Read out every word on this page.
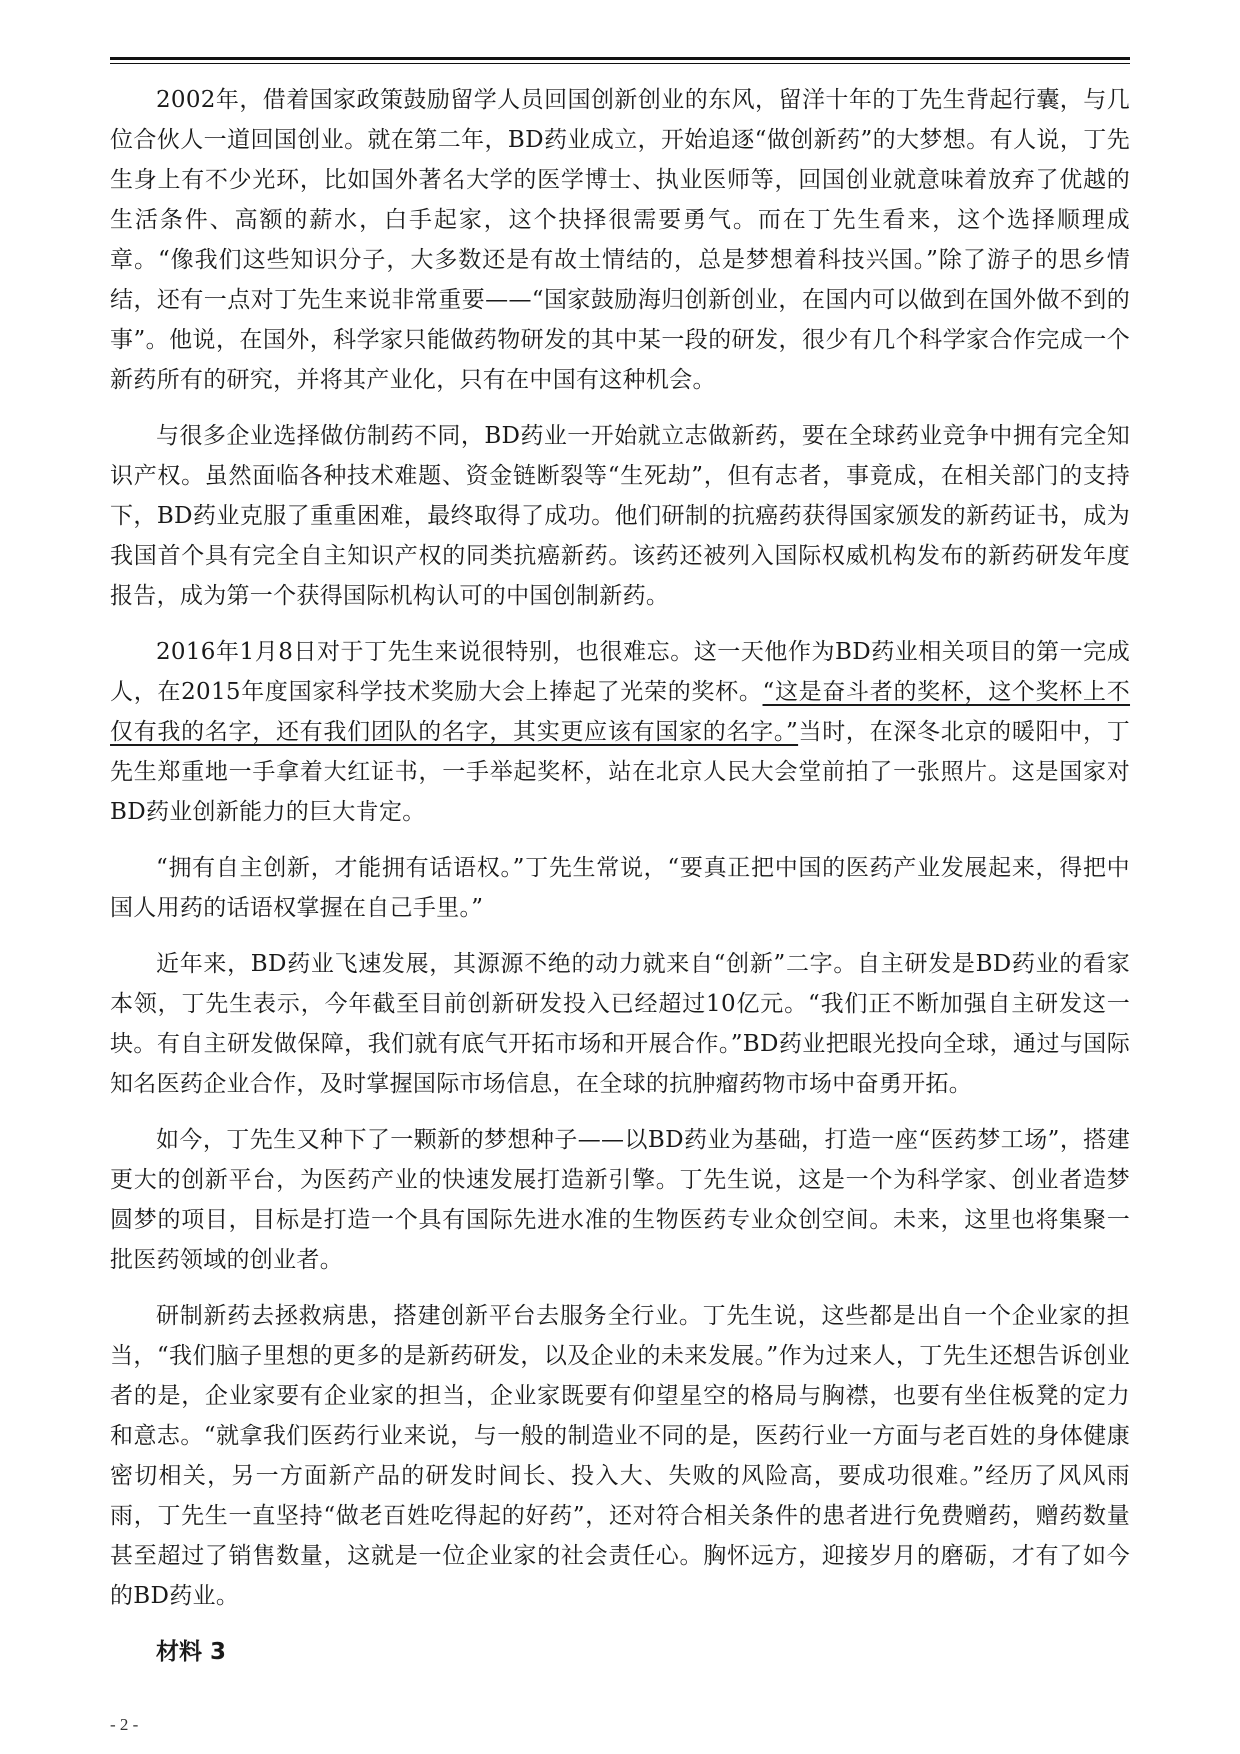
2002年，借着国家政策鼓励留学人员回国创新创业的东风，留洋十年的丁先生背起行囊，与几位合伙人一道回国创业。就在第二年，BD药业成立，开始追逐“做创新药”的大梦想。有人说，丁先生身上有不少光环，比如国外著名大学的医学博士、执业医师等，回国创业就意味着放弃了优越的生活条件、高额的薪水，白手起家，这个抉择很需要勇气。而在丁先生看来，这个选择顺理成章。“像我们这些知识分子，大多数还是有故土情结的，总是梦想着科技兴国。”除了游子的思乡情结，还有一点对丁先生来说非常重要——“国家鼓励海归创新创业，在国内可以做到在国外做不到的事”。他说，在国外，科学家只能做药物研发的其中某一段的研发，很少有几个科学家合作完成一个新药所有的研究，并将其产业化，只有在中国有这种机会。

与很多企业选择做仿制药不同，BD药业一开始就立志做新药，要在全球药业竞争中拥有完全知识产权。虽然面临各种技术难题、资金链断裂等“生死劫”，但有志者，事竟成，在相关部门的支持下，BD药业克服了重重困难，最终取得了成功。他们研制的抗癌药获得国家颁发的新药证书，成为我国首个具有完全自主知识产权的同类抗癌新药。该药还被列入国际权威机构发布的新药研发年度报告，成为第一个获得国际机构认可的中国创制新药。

2016年1月8日对于丁先生来说很特别，也很难忘。这一天他作为BD药业相关项目的第一完成人，在2015年度国家科学技术奖励大会上捧起了光荣的奖杯。“这是奋斗者的奖杯，这个奖杯上不仅有我的名字，还有我们团队的名字，其实更应该有国家的名字。”当时，在深冬北京的暖阳中，丁先生郑重地一手拿着大红证书，一手举起奖杯，站在北京人民大会堂前拍了一张照片。这是国家对BD药业创新能力的巨大肯定。

“拥有自主创新，才能拥有话语权。”丁先生常说，“要真正把中国的医药产业发展起来，得把中国人用药的话语权掌握在自己手里。”

近年来，BD药业飞速发展，其源源不绝的动力就来自“创新”二字。自主研发是BD药业的看家本领，丁先生表示，今年截至目前创新研发投入已经超过10亿元。“我们正不断加强自主研发这一块。有自主研发做保障，我们就有底气开拓市场和开展合作。”BD药业把眼光投向全球，通过与国际知名医药企业合作，及时掌握国际市场信息，在全球的抗肿瘤药物市场中奋勇开拓。

如今，丁先生又种下了一颗新的梦想种子——以BD药业为基础，打造一座“医药梦工场”，搭建更大的创新平台，为医药产业的快速发展打造新引擎。丁先生说，这是一个为科学家、创业者造梦圆梦的项目，目标是打造一个具有国际先进水准的生物医药专业众创空间。未来，这里也将集聚一批医药领域的创业者。

研制新药去拯救病患，搭建创新平台去服务全行业。丁先生说，这些都是出自一个企业家的担当，“我们脑子里想的更多的是新药研发，以及企业的未来发展。”作为过来人，丁先生还想告诉创业者的是，企业家要有企业家的担当，企业家既要有仰望星空的格局与胸襟，也要有坐住板凳的定力和意志。“就拿我们医药行业来说，与一般的制造业不同的是，医药行业一方面与老百姓的身体健康密切相关，另一方面新产品的研发时间长、投入大、失败的风险高，要成功很难。”经历了风风雨雨，丁先生一直坚持“做老百姓吃得起的好药”，还对符合相关条件的患者进行免费赠药，赠药数量甚至超过了销售数量，这就是一位企业家的社会责任心。胸怀远方，迎接岁月的磨砺，才有了如今的BD药业。

材料 3
- 2 -
